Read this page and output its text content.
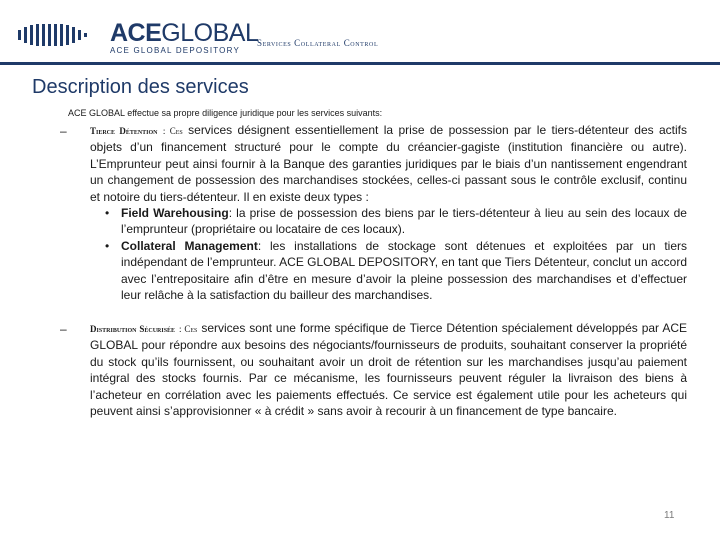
ACEGLOBAL
ACE GLOBAL DEPOSITORY
Services Collateral Control
Description des services
ACE GLOBAL effectue sa propre diligence juridique pour les services suivants:
–	Tierce Détention : Ces services désignent essentiellement la prise de possession par le tiers-détenteur des actifs objets d’un financement structuré pour le compte du créancier-gagiste (institution financière ou autre). L’Emprunteur peut ainsi fournir à la Banque des garanties juridiques par le biais d’un nantissement engendrant un changement de possession des marchandises stockées, celles-ci passant sous le contrôle exclusif, continu et notoire du tiers-détenteur. Il en existe deux types :
• Field Warehousing: la prise de possession des biens par le tiers-détenteur à lieu au sein des locaux de l’emprunteur (propriétaire ou locataire de ces locaux).
• Collateral Management: les installations de stockage sont détenues et exploitées par un tiers indépendant de l’emprunteur. ACE GLOBAL DEPOSITORY, en tant que Tiers Détenteur, conclut un accord avec l’entrepositaire afin d’être en mesure d’avoir la pleine possession des marchandises et d’effectuer leur relâche à la satisfaction du bailleur des marchandises.
–	Distribution Sécurisée : Ces services sont une forme spécifique de Tierce Détention spécialement développés par ACE GLOBAL pour répondre aux besoins des négociants/fournisseurs de produits, souhaitant conserver la propriété du stock qu’ils fournissent, ou souhaitant avoir un droit de rétention sur les marchandises jusqu’au paiement intégral des stocks fournis. Par ce mécanisme, les fournisseurs peuvent réguler la livraison des biens à l’acheteur en corrélation avec les paiements effectués. Ce service est également utile pour les acheteurs qui peuvent ainsi s’approvisionner « à crédit » sans avoir à recourir à un financement de type bancaire.
11
